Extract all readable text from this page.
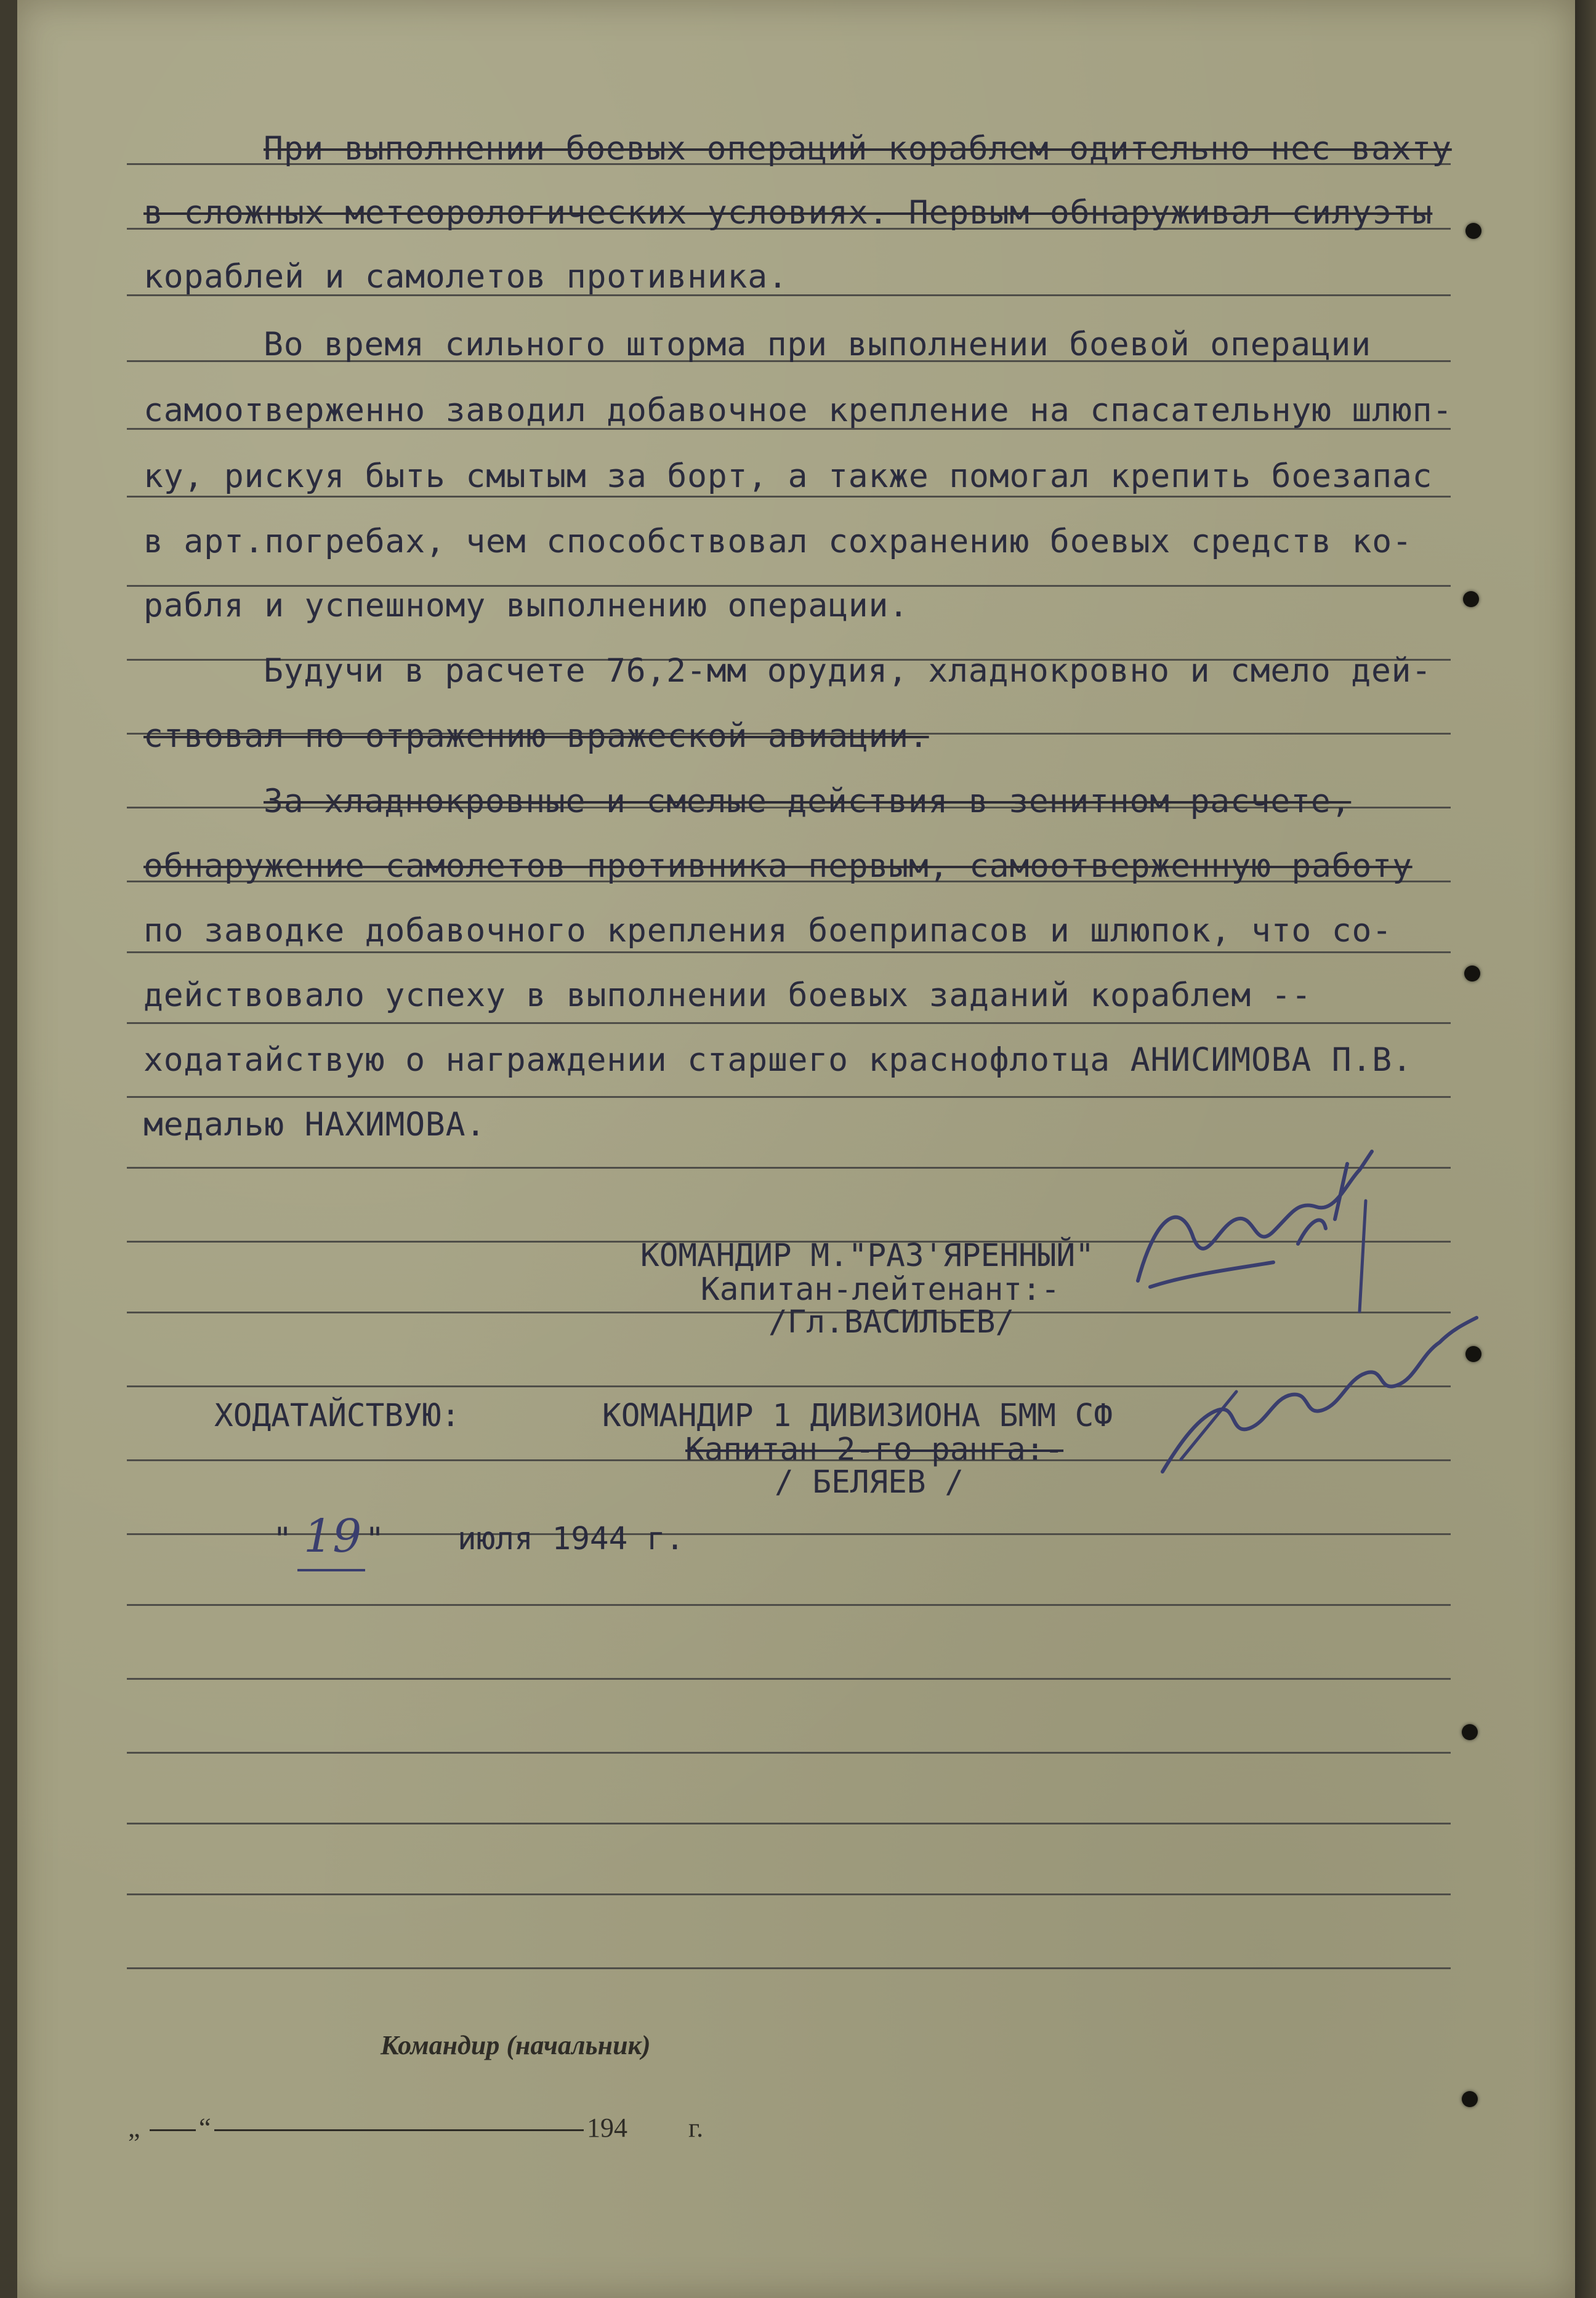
При выполнении боевых операций кораблем одительно нес вахту

в сложных метеорологических условиях. Первым обнаруживал силуэты

кораблей и самолетов противника.

Во время сильного шторма при выполнении боевой операции

самоотверженно заводил добавочное крепление на спасательную шлюп-

ку, рискуя быть смытым за борт, а также помогал крепить боезапас

в арт.погребах, чем способствовал сохранению боевых средств ко-

рабля и успешному выполнению операции.

Будучи в расчете 76,2-мм орудия, хладнокровно и смело дей-

ствовал по отражению вражеской авиации.

За хладнокровные и смелые действия в зенитном расчете,

обнаружение самолетов противника первым, самоотверженную работу

по заводке добавочного крепления боеприпасов и шлюпок, что со-

действовало успеху в выполнении боевых заданий кораблем --

ходатайствую о награждении старшего краснофлотца АНИСИМОВА П.В.

медалью НАХИМОВА.

КОМАНДИР М."РАЗ'ЯРЕННЫЙ"

Капитан-лейтенант:-

/Гл.ВАСИЛЬЕВ/

ХОДАТАЙСТВУЮ:	КОМАНДИР 1 ДИВИЗИОНА БММ СФ

Капитан 2-го ранга:-

/ БЕЛЯЕВ /

" 19 " июля 1944 г.

Командир (начальник)

„ “	194 г.
